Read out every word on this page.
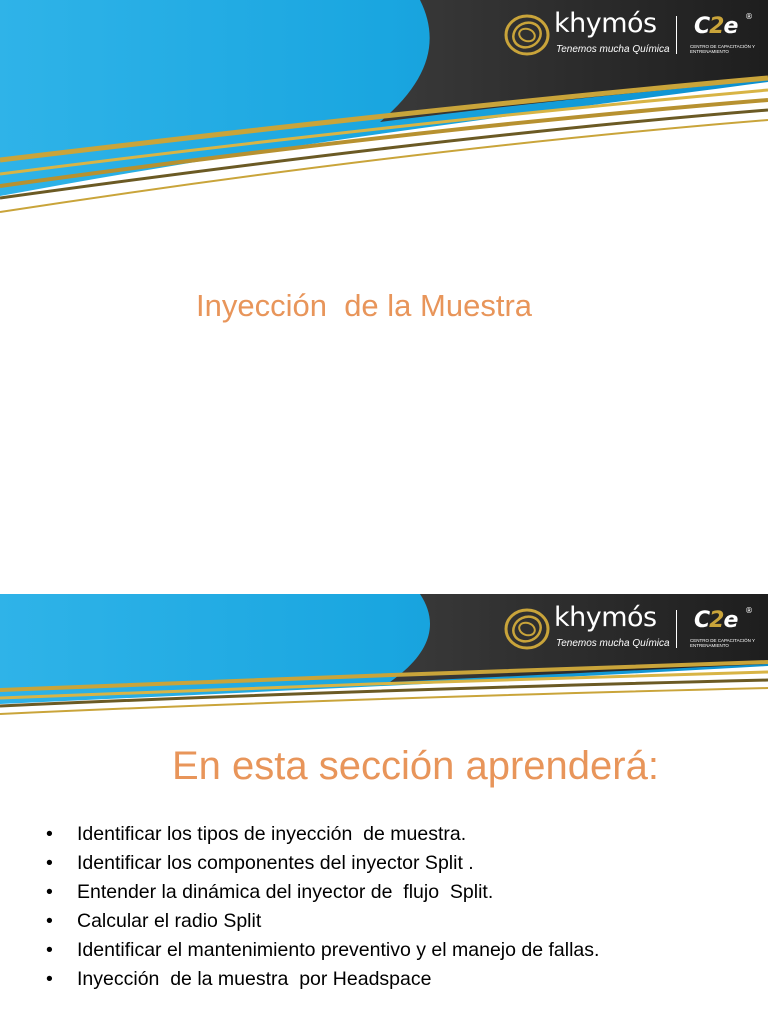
khymós
Tenemos mucha Química
C2e ®
CENTRO DE CAPACITACIÓN Y ENTRENAMIENTO
Inyección  de la Muestra
khymós
Tenemos mucha Química
C2e ®
CENTRO DE CAPACITACIÓN Y ENTRENAMIENTO
En esta sección aprenderá:
• Identificar los tipos de inyección  de muestra.
• Identificar los componentes del inyector Split .
• Entender la dinámica del inyector de  flujo  Split.
• Calcular el radio Split
• Identificar el mantenimiento preventivo y el manejo de fallas.
• Inyección  de la muestra  por Headspace
